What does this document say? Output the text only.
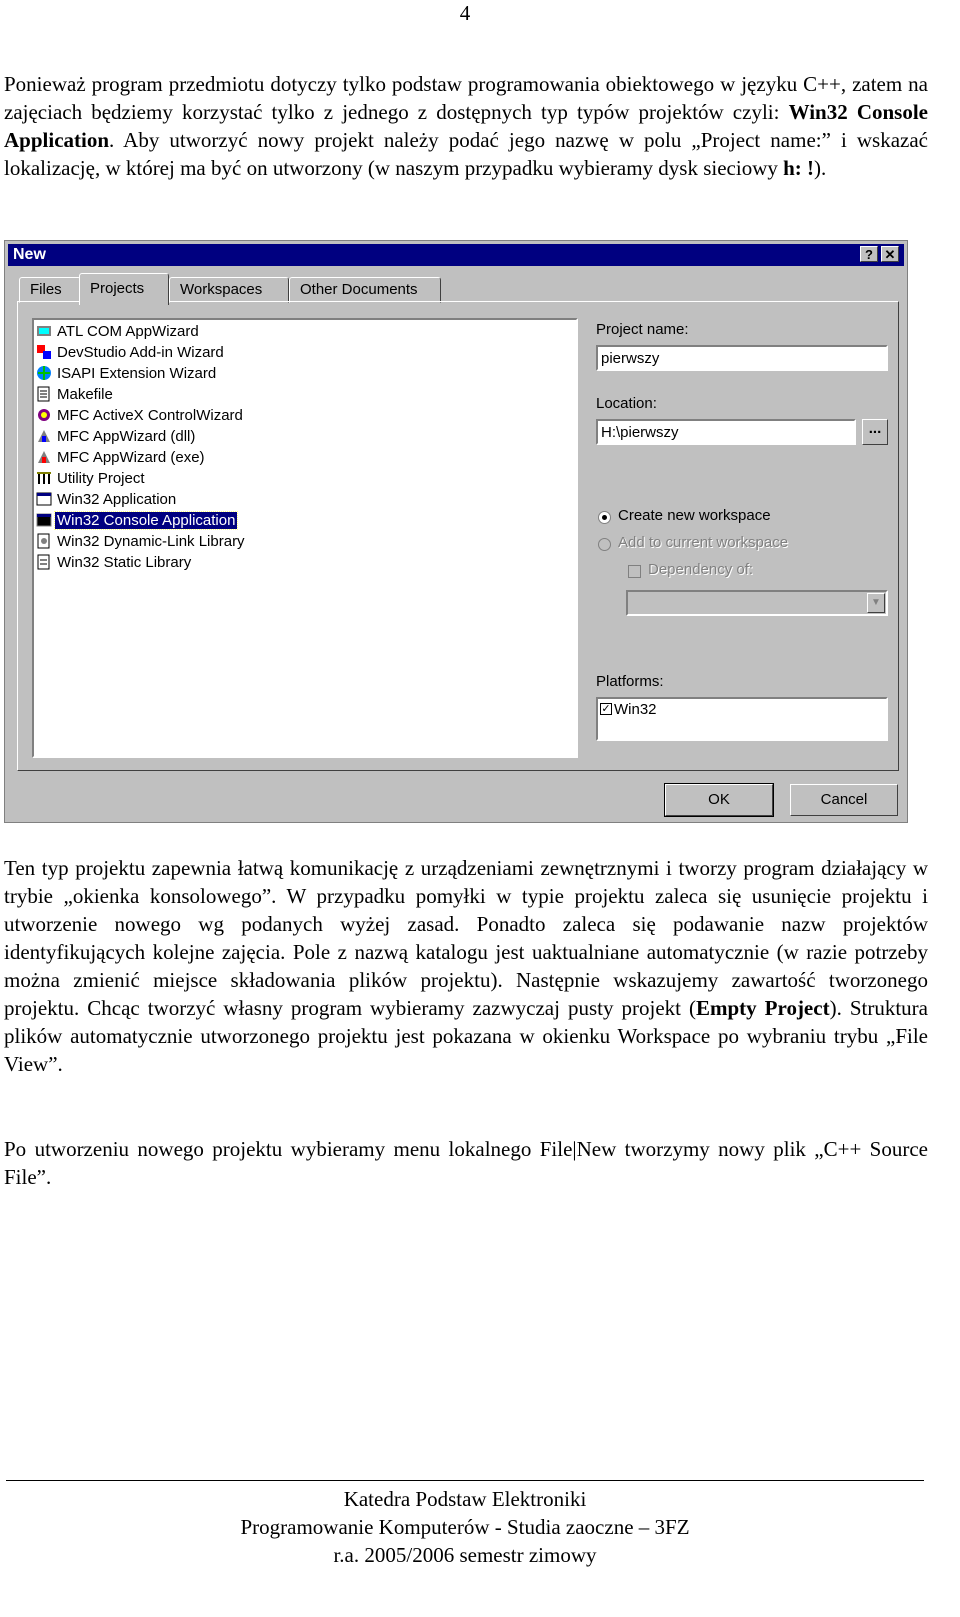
4

Ponieważ program przedmiotu dotyczy tylko podstaw programowania obiektowego w języku C++, zatem na zajęciach będziemy korzystać tylko z jednego z dostępnych typ typów projektów czyli: Win32 Console Application. Aby utworzyć nowy projekt należy podać jego nazwę w polu „Project name:” i wskazać lokalizację, w której ma być on utworzony (w naszym przypadku wybieramy dysk sieciowy h: !).

New	? ✕
Files	Projects	Workspaces	Other Documents
ATL COM AppWizard
DevStudio Add-in Wizard
ISAPI Extension Wizard
Makefile
MFC ActiveX ControlWizard
MFC AppWizard (dll)
MFC AppWizard (exe)
Utility Project
Win32 Application
Win32 Console Application
Win32 Dynamic-Link Library
Win32 Static Library
Project name:
pierwszy
Location:
H:\pierwszy	...
Create new workspace
Add to current workspace
Dependency of:
▼
Platforms:
✓ Win32
OK	Cancel

Ten typ projektu zapewnia łatwą komunikację z urządzeniami zewnętrznymi i tworzy program działający w trybie „okienka konsolowego”. W przypadku pomyłki w typie projektu zaleca się usunięcie projektu i utworzenie nowego wg podanych wyżej zasad. Ponadto zaleca się podawanie nazw projektów identyfikujących kolejne zajęcia. Pole z nazwą katalogu jest uaktualniane automatycznie (w razie potrzeby można zmienić miejsce składowania plików projektu). Następnie wskazujemy zawartość tworzonego projektu. Chcąc tworzyć własny program wybieramy zazwyczaj pusty projekt (Empty Project). Struktura plików automatycznie utworzonego projektu jest pokazana w okienku Workspace po wybraniu trybu „File View”.

Po utworzeniu nowego projektu wybieramy menu lokalnego File|New tworzymy nowy plik „C++ Source File”.

Katedra Podstaw Elektroniki
Programowanie Komputerów - Studia zaoczne – 3FZ
r.a. 2005/2006 semestr zimowy
